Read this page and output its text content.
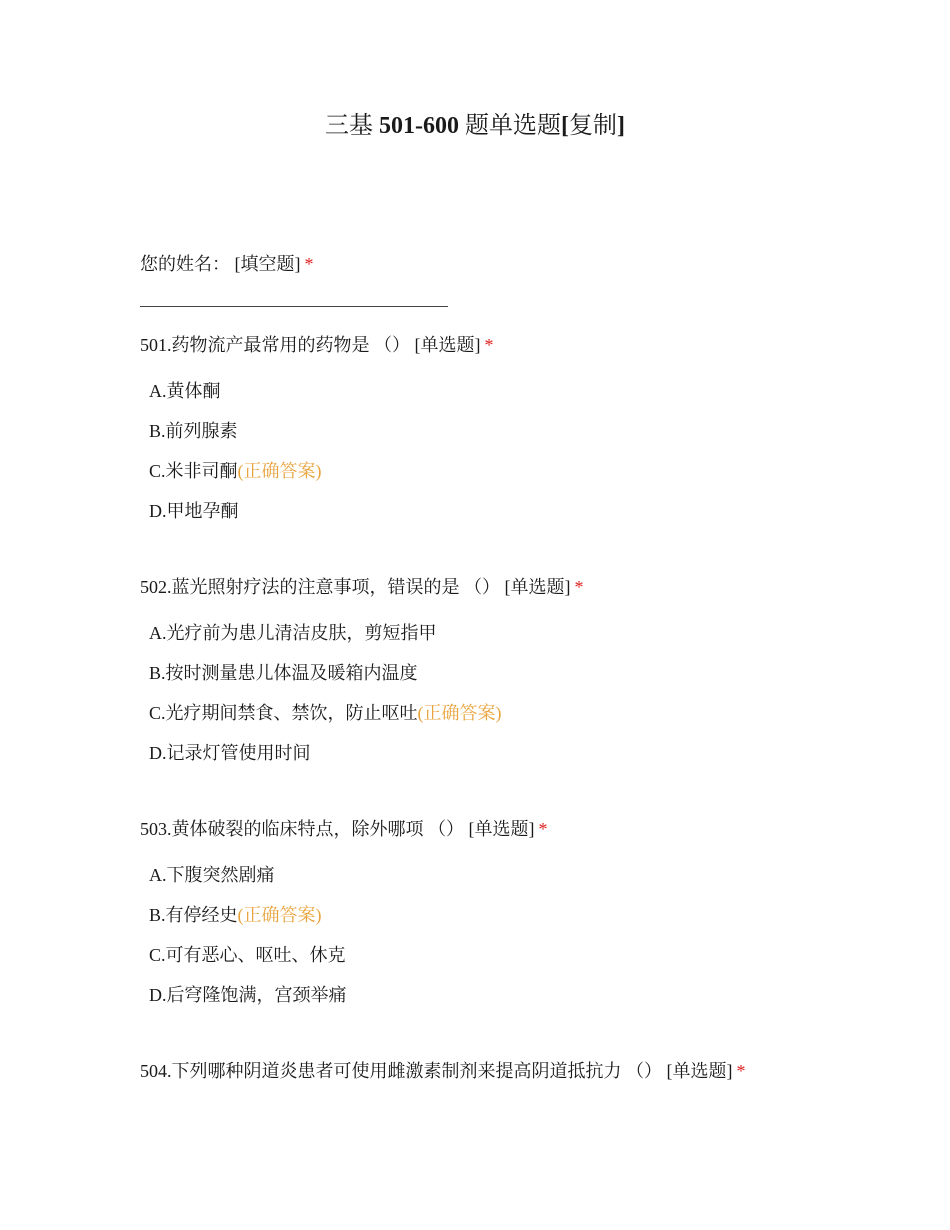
三基 501-600 题单选题[复制]
您的姓名： [填空题] *
501.药物流产最常用的药物是 （） [单选题] *
A.黄体酮
B.前列腺素
C.米非司酮(正确答案)
D.甲地孕酮
502.蓝光照射疗法的注意事项，错误的是 （） [单选题] *
A.光疗前为患儿清洁皮肤，剪短指甲
B.按时测量患儿体温及暖箱内温度
C.光疗期间禁食、禁饮，防止呕吐(正确答案)
D.记录灯管使用时间
503.黄体破裂的临床特点，除外哪项 （） [单选题] *
A.下腹突然剧痛
B.有停经史(正确答案)
C.可有恶心、呕吐、休克
D.后穹隆饱满，宫颈举痛
504.下列哪种阴道炎患者可使用雌激素制剂来提高阴道抵抗力 （） [单选题] *
